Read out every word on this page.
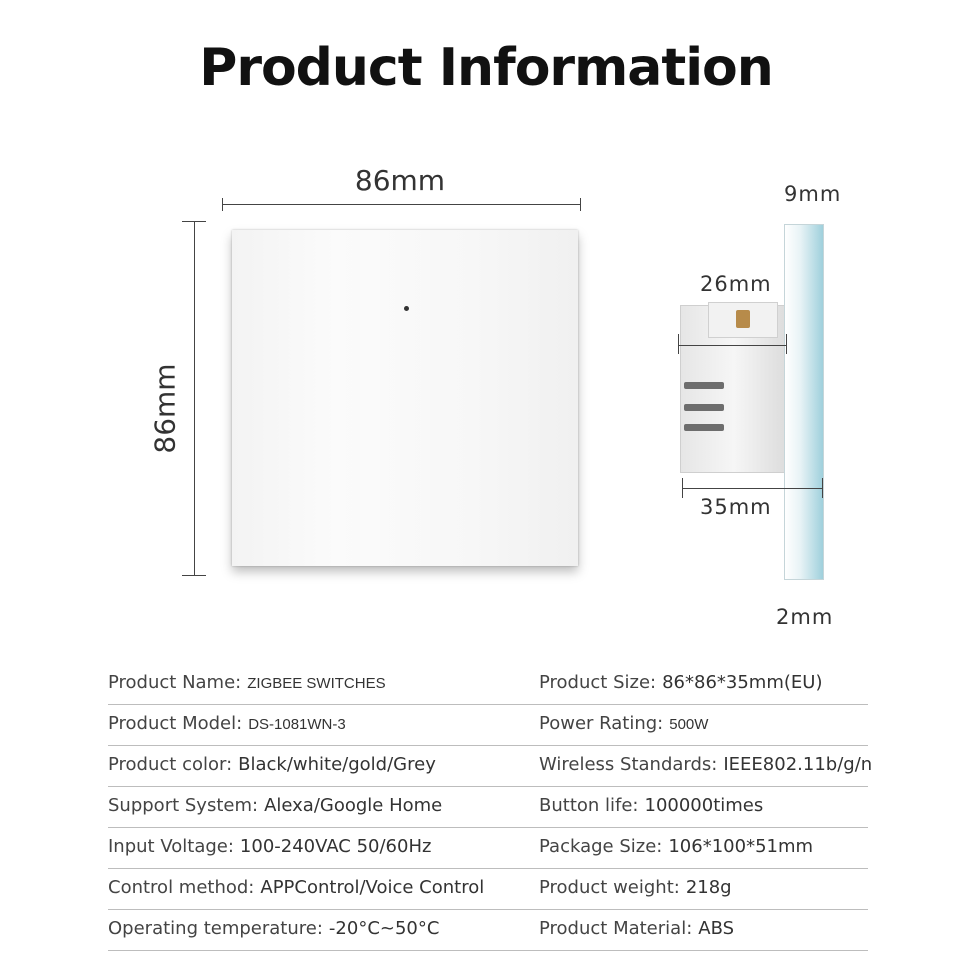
Product Information
86mm
86mm
9mm
26mm
35mm
2mm
Product Name: ZIGBEE SWITCHES	Product Size: 86*86*35mm(EU)
Product Model: DS-1081WN-3	Power Rating: 500W
Product color: Black/white/gold/Grey	Wireless Standards: IEEE802.11b/g/n
Support System: Alexa/Google Home	Button life: 100000times
Input Voltage: 100-240VAC 50/60Hz	Package Size: 106*100*51mm
Control method: APPControl/Voice Control	Product weight: 218g
Operating temperature: -20°C~50°C	Product Material: ABS
